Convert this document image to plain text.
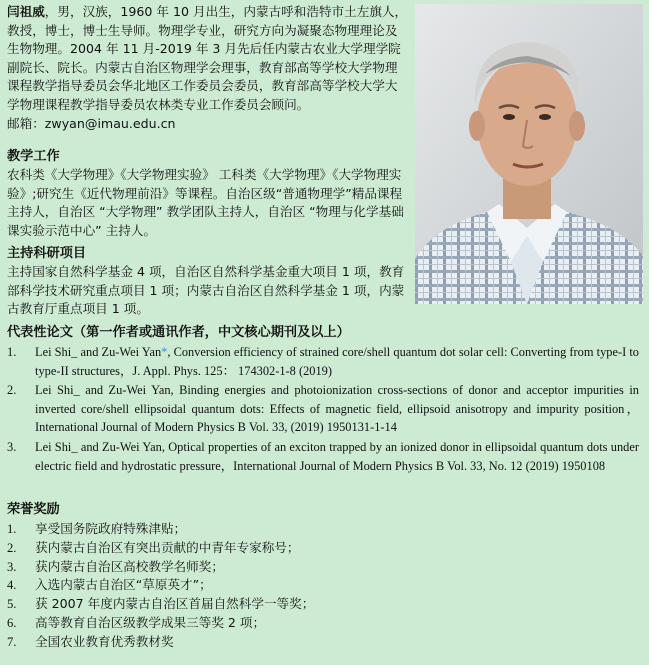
闫祖威，男，汉族，1960 年 10 月出生，内蒙古呼和浩特市土左旗人，教授，博士，博士生导师。物理学专业，研究方向为凝聚态物理理论及生物物理。2004 年 11 月-2019 年 3 月先后任内蒙古农业大学理学院副院长、院长。内蒙古自治区物理学会理事，教育部高等学校大学物理课程教学指导委员会华北地区工作委员会委员，教育部高等学校大学大学物理课程教学指导委员农林类专业工作委员会顾问。
邮箱：zwyan@imau.edu.cn
教学工作
农科类《大学物理》《大学物理实验》 工科类《大学物理》《大学物理实验》;研究生《近代物理前沿》等课程。自治区级“普通物理学”精品课程主持人，自治区 “大学物理” 教学团队主持人，自治区 “物理与化学基础课实验示范中心” 主持人。
主持科研项目
主持国家自然科学基金 4 项，自治区自然科学基金重大项目 1 项，教育部科学技术研究重点项目 1 项；内蒙古自治区自然科学基金 1 项，内蒙古教育厅重点项目 1 项。
代表性论文（第一作者或通讯作者，中文核心期刊及以上）
1. Lei Shi_ and Zu-Wei Yan*, Conversion efficiency of strained core/shell quantum dot solar cell: Converting from type-I to type-II structures，J. Appl. Phys. 125： 174302-1-8 (2019)
2. Lei Shi_ and Zu-Wei Yan, Binding energies and photoionization cross-sections of donor and acceptor impurities in inverted core/shell ellipsoidal quantum dots: Effects of magnetic field, ellipsoid anisotropy and impurity position，International Journal of Modern Physics B Vol. 33, (2019) 1950131-1-14
3. Lei Shi_ and Zu-Wei Yan, Optical properties of an exciton trapped by an ionized donor in ellipsoidal quantum dots under electric field and hydrostatic pressure，International Journal of Modern Physics B Vol. 33, No. 12 (2019) 1950108
荣誉奖励
1. 享受国务院政府特殊津贴；
2. 获内蒙古自治区有突出贡献的中青年专家称号；
3. 获内蒙古自治区高校教学名师奖；
4. 入选内蒙古自治区“草原英才”；
5. 获 2007 年度内蒙古自治区首届自然科学一等奖；
6. 高等教育自治区级教学成果三等奖 2 项；
7. 全国农业教育优秀教材奖
